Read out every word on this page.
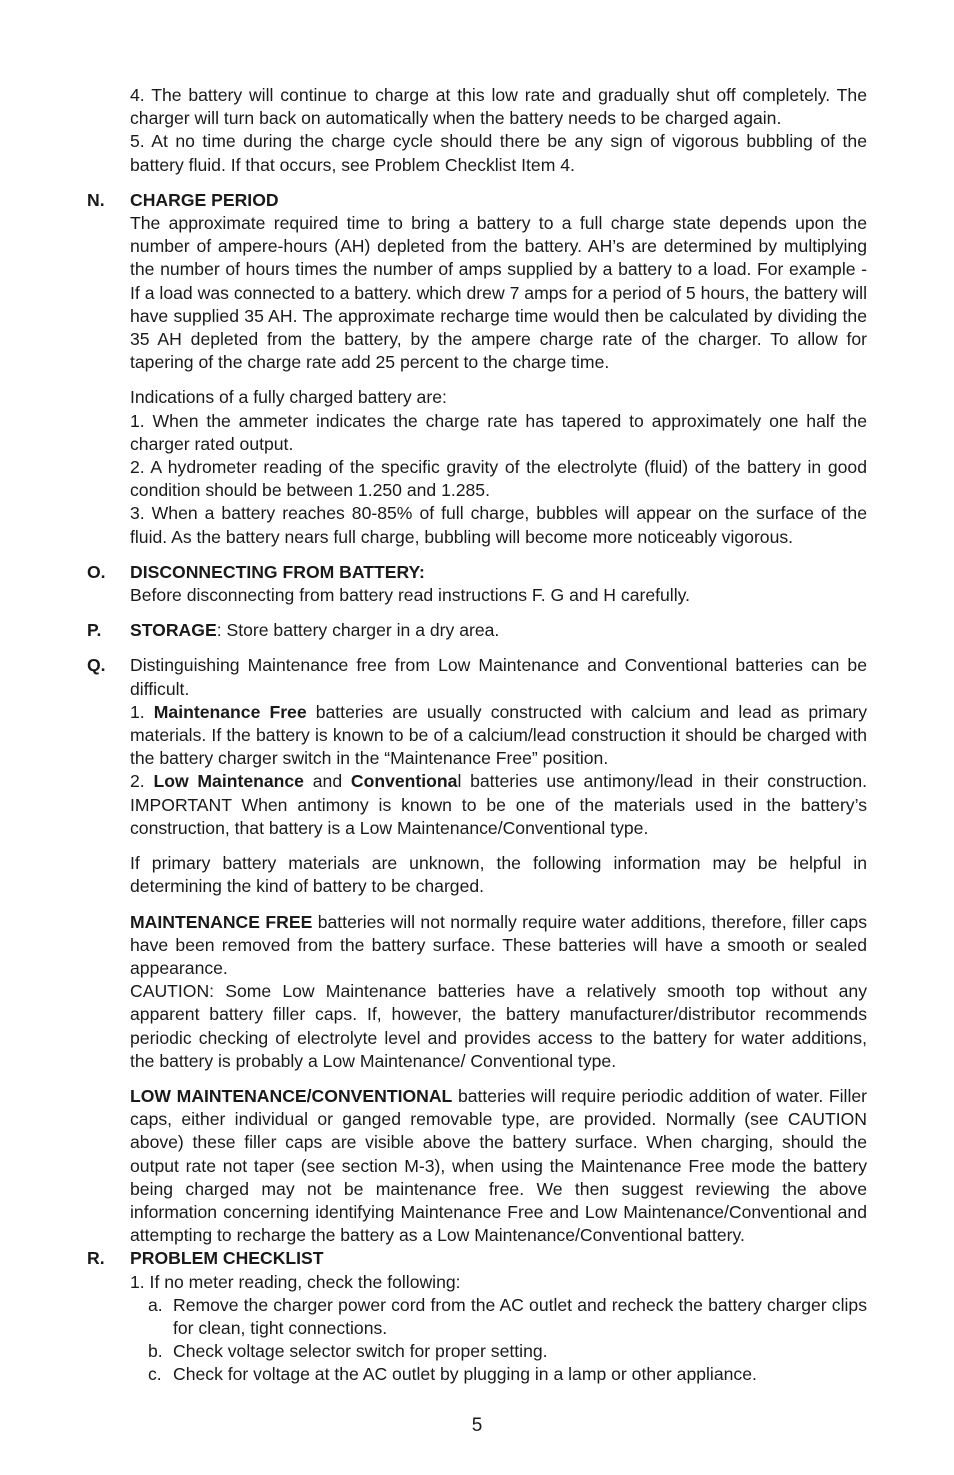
4. The battery will continue to charge at this low rate and gradually shut off completely. The charger will turn back on automatically when the battery needs to be charged again.

5. At no time during the charge cycle should there be any sign of vigorous bubbling of the battery fluid. If that occurs, see Problem Checklist Item 4.

N. CHARGE PERIOD

The approximate required time to bring a battery to a full charge state depends upon the number of ampere-hours (AH) depleted from the battery. AH’s are determined by multiplying the number of hours times the number of amps supplied by a battery to a load. For example - If a load was connected to a battery. which drew 7 amps for a period of 5 hours, the battery will have supplied 35 AH. The approximate recharge time would then be calculated by dividing the 35 AH depleted from the battery, by the ampere charge rate of the charger. To allow for tapering of the charge rate add 25 percent to the charge time.

Indications of a fully charged battery are:

1. When the ammeter indicates the charge rate has tapered to approximately one half the charger rated output.

2. A hydrometer reading of the specific gravity of the electrolyte (fluid) of the battery in good condition should be between 1.250 and 1.285.

3. When a battery reaches 80-85% of full charge, bubbles will appear on the surface of the fluid. As the battery nears full charge, bubbling will become more noticeably vigorous.

O. DISCONNECTING FROM BATTERY:

Before disconnecting from battery read instructions F. G and H carefully.

P. STORAGE: Store battery charger in a dry area.

Q. Distinguishing Maintenance free from Low Maintenance and Conventional batteries can be difficult.

1. Maintenance Free batteries are usually constructed with calcium and lead as primary materials. If the battery is known to be of a calcium/lead construction it should be charged with the battery charger switch in the “Maintenance Free” position.

2. Low Maintenance and Conventional batteries use antimony/lead in their construction. IMPORTANT When antimony is known to be one of the materials used in the battery’s construction, that battery is a Low Maintenance/Conventional type.

If primary battery materials are unknown, the following information may be helpful in determining the kind of battery to be charged.

MAINTENANCE FREE batteries will not normally require water additions, therefore, filler caps have been removed from the battery surface. These batteries will have a smooth or sealed appearance.

CAUTION: Some Low Maintenance batteries have a relatively smooth top without any apparent battery filler caps. If, however, the battery manufacturer/distributor recommends periodic checking of electrolyte level and provides access to the battery for water additions, the battery is probably a Low Maintenance/ Conventional type.

LOW MAINTENANCE/CONVENTIONAL batteries will require periodic addition of water. Filler caps, either individual or ganged removable type, are provided. Normally (see CAUTION above) these filler caps are visible above the battery surface. When charging, should the output rate not taper (see section M-3), when using the Maintenance Free mode the battery being charged may not be maintenance free. We then suggest reviewing the above information concerning identifying Maintenance Free and Low Maintenance/Conventional and attempting to recharge the battery as a Low Maintenance/Conventional battery.

R. PROBLEM CHECKLIST

1. If no meter reading, check the following:

a. Remove the charger power cord from the AC outlet and recheck the battery charger clips for clean, tight connections.

b. Check voltage selector switch for proper setting.

c. Check for voltage at the AC outlet by plugging in a lamp or other appliance.

5
